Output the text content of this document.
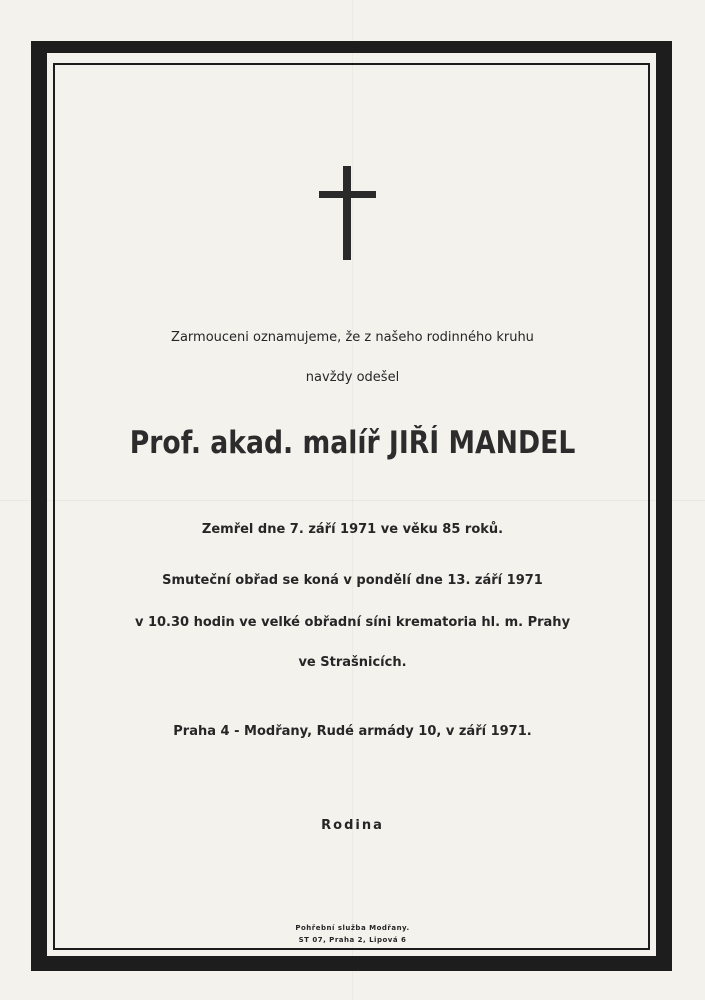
Zarmouceni oznamujeme, že z našeho rodinného kruhu
navždy odešel
Prof. akad. malíř JIŘÍ MANDEL
Zemřel dne 7. září 1971 ve věku 85 roků.
Smuteční obřad se koná v pondělí dne 13. září 1971
v 10.30 hodin ve velké obřadní síni krematoria hl. m. Prahy
ve Strašnicích.
Praha 4 - Modřany, Rudé armády 10, v září 1971.
Rodina
Pohřební služba Modřany.
ST 07, Praha 2, Lipová 6
